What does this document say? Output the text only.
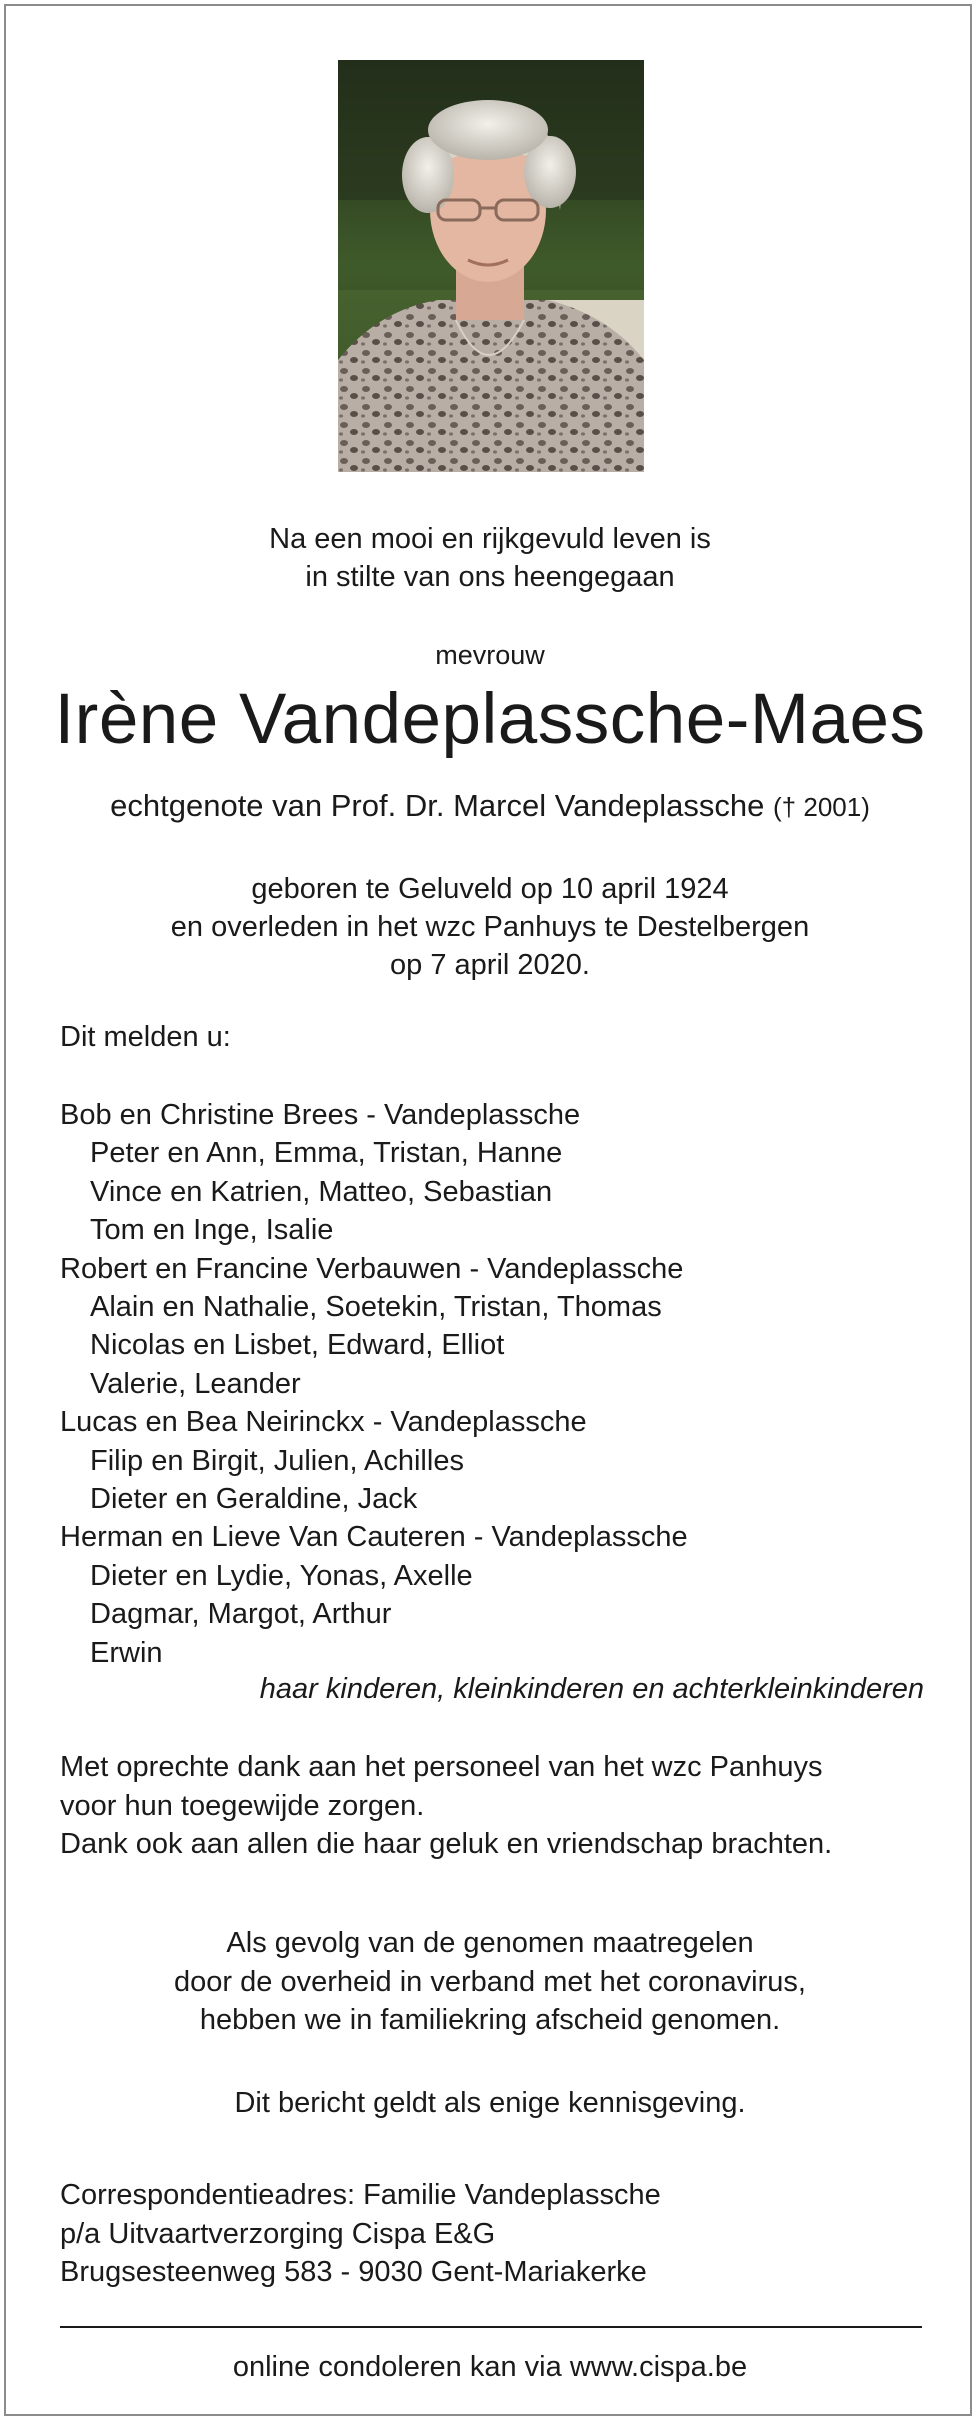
Na een mooi en rijkgevuld leven is
in stilte van ons heengegaan
mevrouw
Irène Vandeplassche-Maes
echtgenote van Prof. Dr. Marcel Vandeplassche († 2001)
geboren te Geluveld op 10 april 1924
en overleden in het wzc Panhuys te Destelbergen
op 7 april 2020.
Dit melden u:
Bob en Christine Brees - Vandeplassche
Peter en Ann, Emma, Tristan, Hanne
Vince en Katrien, Matteo, Sebastian
Tom en Inge, Isalie
Robert en Francine Verbauwen - Vandeplassche
Alain en Nathalie, Soetekin, Tristan, Thomas
Nicolas en Lisbet, Edward, Elliot
Valerie, Leander
Lucas en Bea Neirinckx - Vandeplassche
Filip en Birgit, Julien, Achilles
Dieter en Geraldine, Jack
Herman en Lieve Van Cauteren - Vandeplassche
Dieter en Lydie, Yonas, Axelle
Dagmar, Margot, Arthur
Erwin
haar kinderen, kleinkinderen en achterkleinkinderen
Met oprechte dank aan het personeel van het wzc Panhuys
voor hun toegewijde zorgen.
Dank ook aan allen die haar geluk en vriendschap brachten.
Als gevolg van de genomen maatregelen
door de overheid in verband met het coronavirus,
hebben we in familiekring afscheid genomen.
Dit bericht geldt als enige kennisgeving.
Correspondentieadres: Familie Vandeplassche
p/a Uitvaartverzorging Cispa E&G
Brugsesteenweg 583 - 9030 Gent-Mariakerke
online condoleren kan via www.cispa.be
